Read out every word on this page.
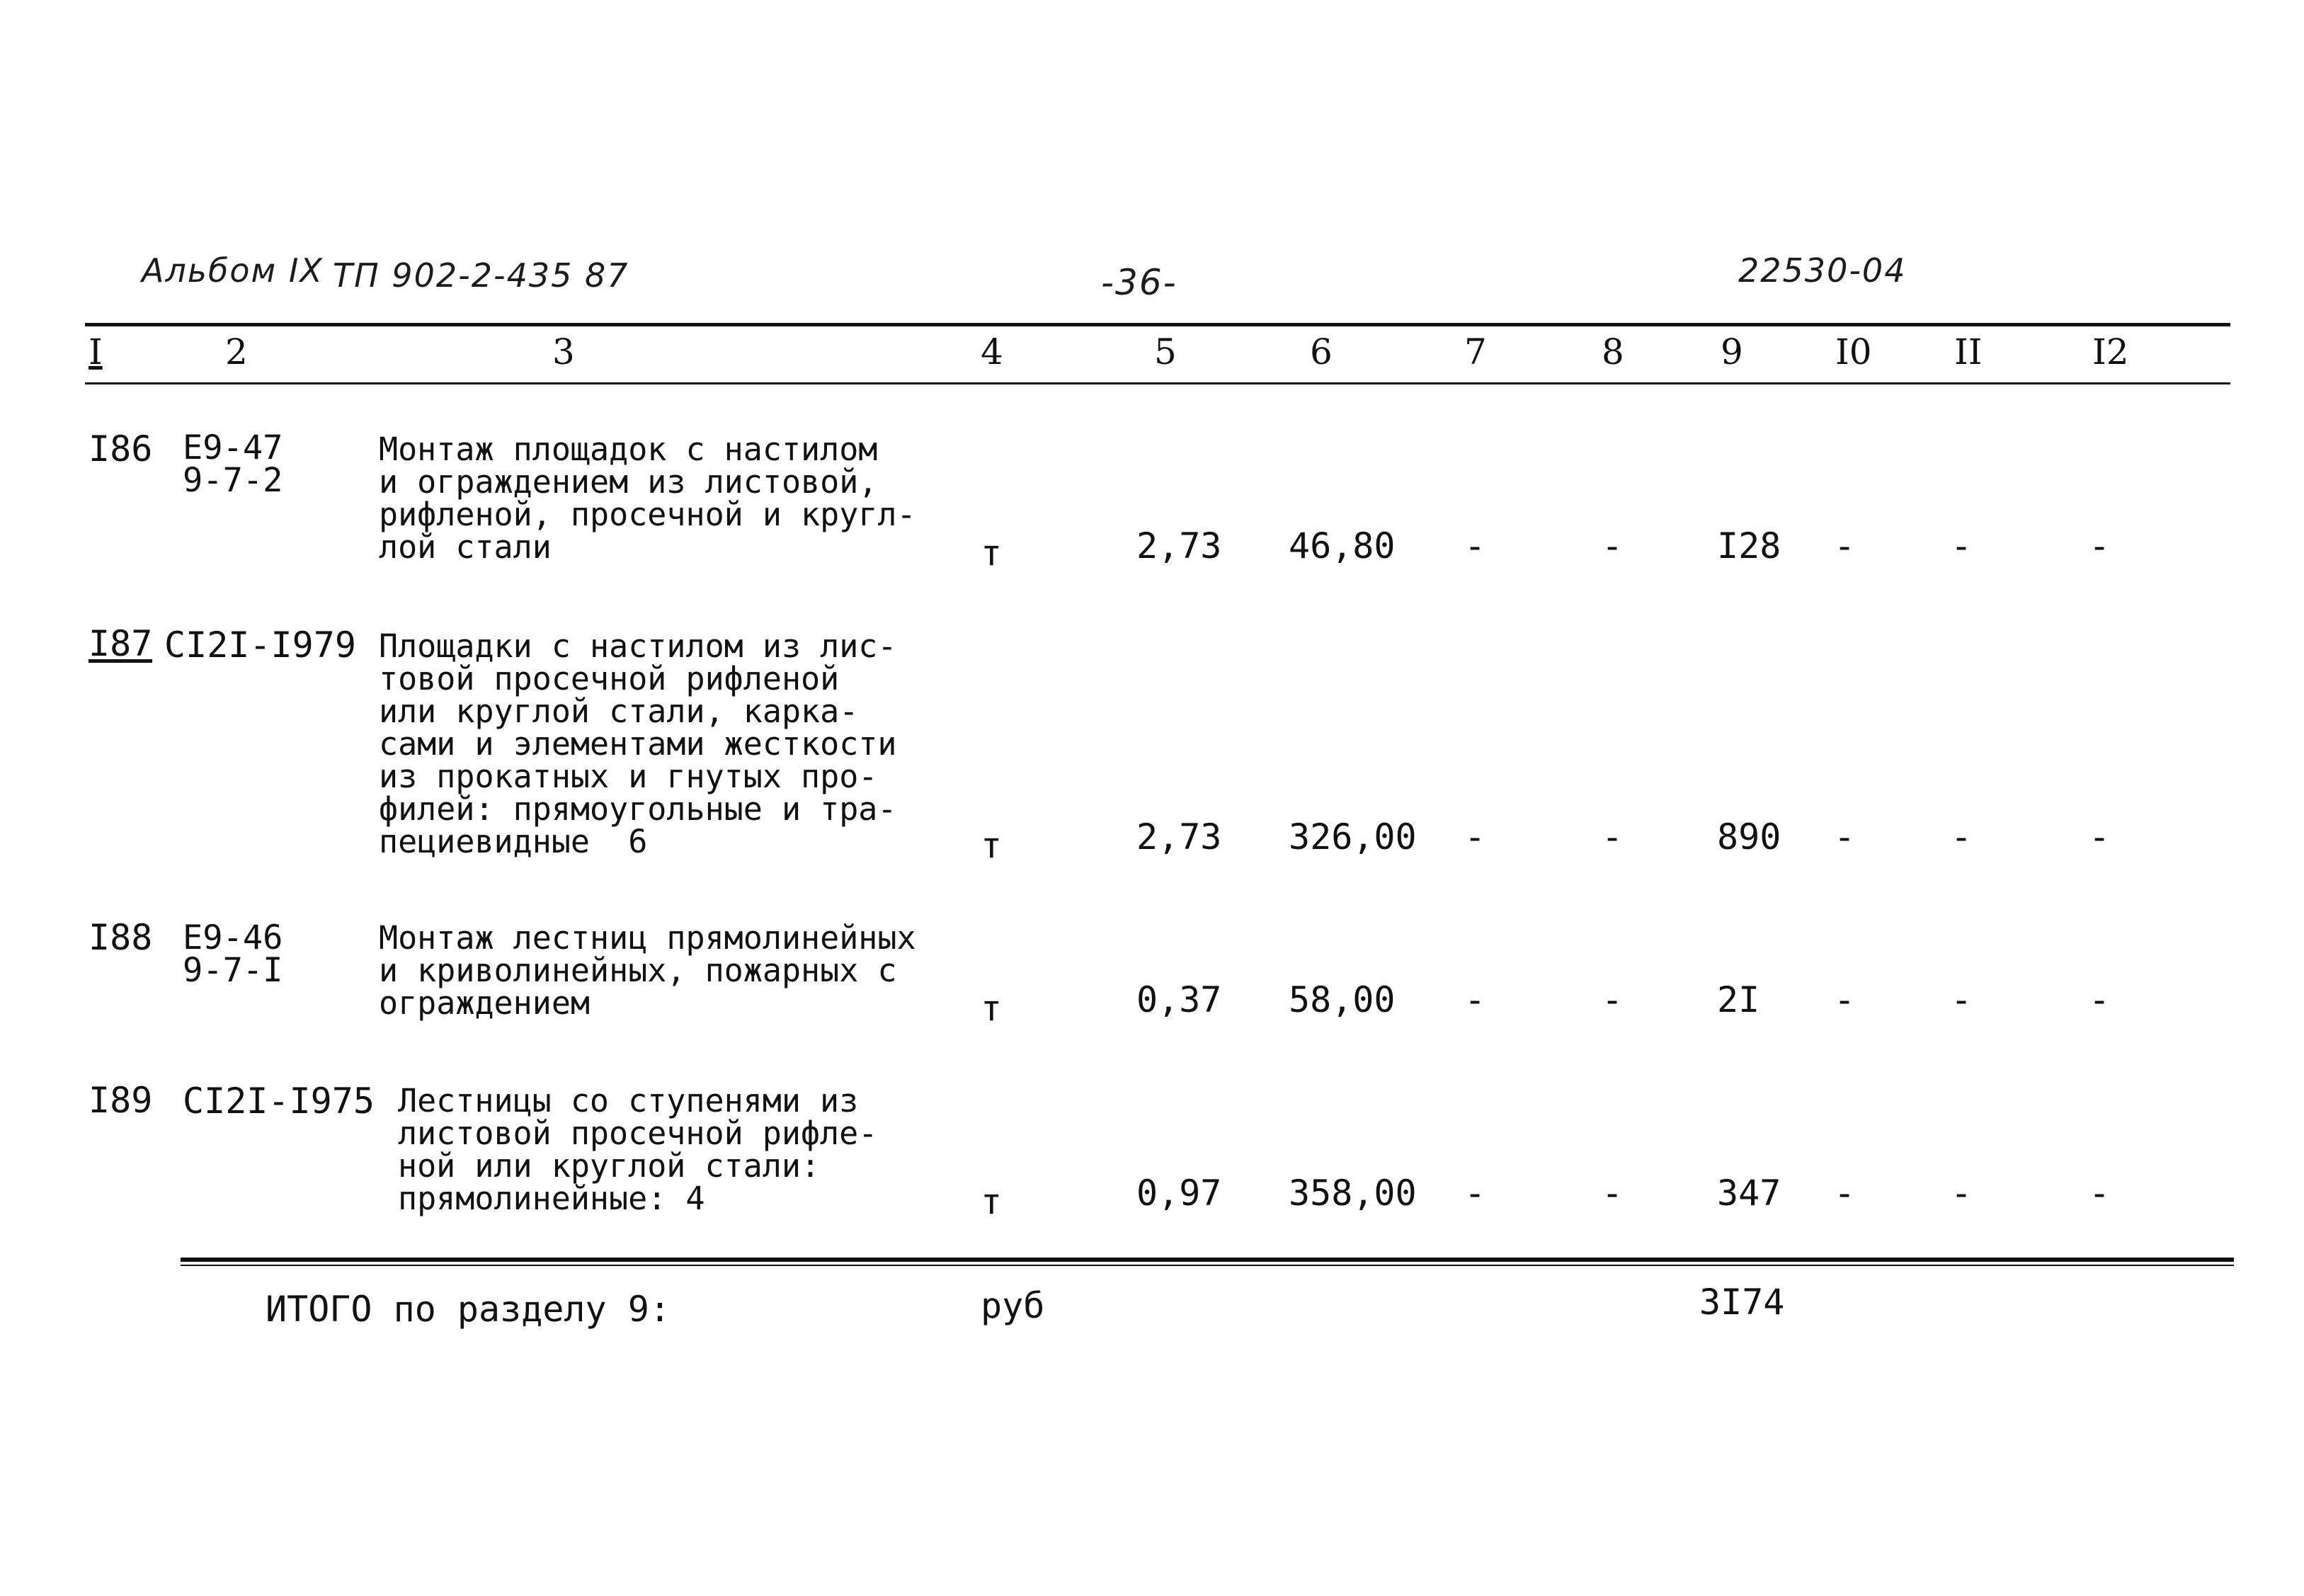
Альбом IX ТП 902-2-435 87	-36-	22530-04
I	2	3	4	5	6	7	8	9	I0 II	I2
I86 Е9-47
9-7-2
Монтаж площадок с настилом
и ограждением из листовой,
рифленой, просечной и кругл-
лой стали	т	2,73 46,80 -	-	I28 -	-	-
I87 СI2I-I979 Площадки с настилом из лис-
товой просечной рифленой
или круглой стали, карка-
сами и элементами жесткости
из прокатных и гнутых про-
филей: прямоугольные и тра-
пециевидные  6	т	2,73 326,00 -	-	890 -	-	-
I88 Е9-46
9-7-I
Монтаж лестниц прямолинейных
и криволинейных, пожарных с
ограждением	т	0,37 58,00 -	-	2I -	-	-
I89 СI2I-I975 Лестницы со ступенями из
листовой просечной рифле-
ной или круглой стали:
прямолинейные: 4	т	0,97 358,00 -	-	347 -	-	-
ИТОГО по разделу 9:	руб	3I74
